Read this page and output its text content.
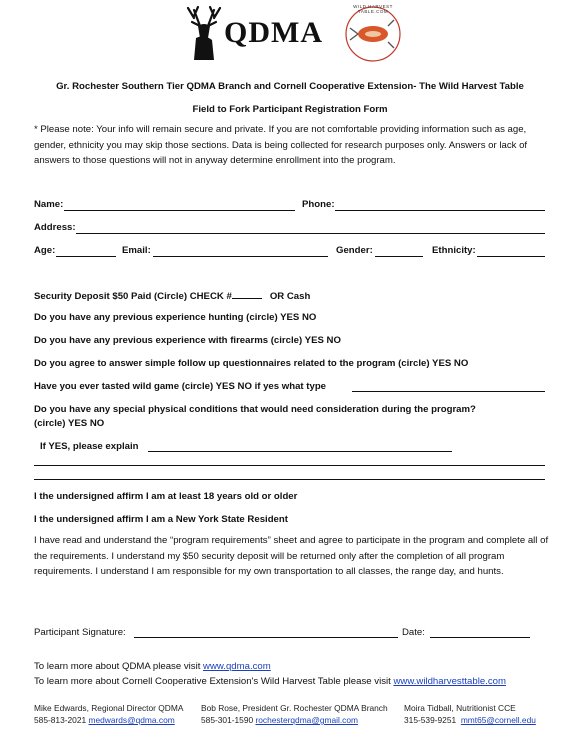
QDMA
WILD HARVEST TABLE.COM
Gr. Rochester Southern Tier QDMA Branch and Cornell Cooperative Extension- The Wild Harvest Table
Field to Fork Participant Registration Form
* Please note: Your info will remain secure and private. If you are not comfortable providing information such as age, gender, ethnicity you may skip those sections. Data is being collected for research purposes only. Answers or lack of answers to those questions will not in anyway determine enrollment into the program.
Name:	Phone:
Address:
Age:	Email:	Gender:	Ethnicity:
Security Deposit $50 Paid (Circle) CHECK #	OR Cash
Do you have any previous experience hunting (circle) YES NO
Do you have any previous experience with firearms (circle) YES NO
Do you agree to answer simple follow up questionnaires related to the program (circle) YES NO
Have you ever tasted wild game (circle) YES NO if yes what type
Do you have any special physical conditions that would need consideration during the program?
(circle) YES NO
If YES, please explain
I the undersigned affirm I am at least 18 years old or older
I the undersigned affirm I am a New York State Resident
I have read and understand the “program requirements” sheet and agree to participate in the program and complete all of the requirements. I understand my $50 security deposit will be returned only after the completion of all program requirements. I understand I am responsible for my own transportation to all classes, the range day, and hunts.
Participant Signature:	Date:
To learn more about QDMA please visit www.qdma.com
To learn more about Cornell Cooperative Extension's Wild Harvest Table please visit www.wildharvesttable.com
Mike Edwards, Regional Director QDMA
585-813-2021 medwards@qdma.com
Bob Rose, President Gr. Rochester QDMA Branch
585-301-1590 rochesterqdma@gmail.com
Moira Tidball, Nutritionist CCE
315-539-9251 mmt65@cornell.edu
